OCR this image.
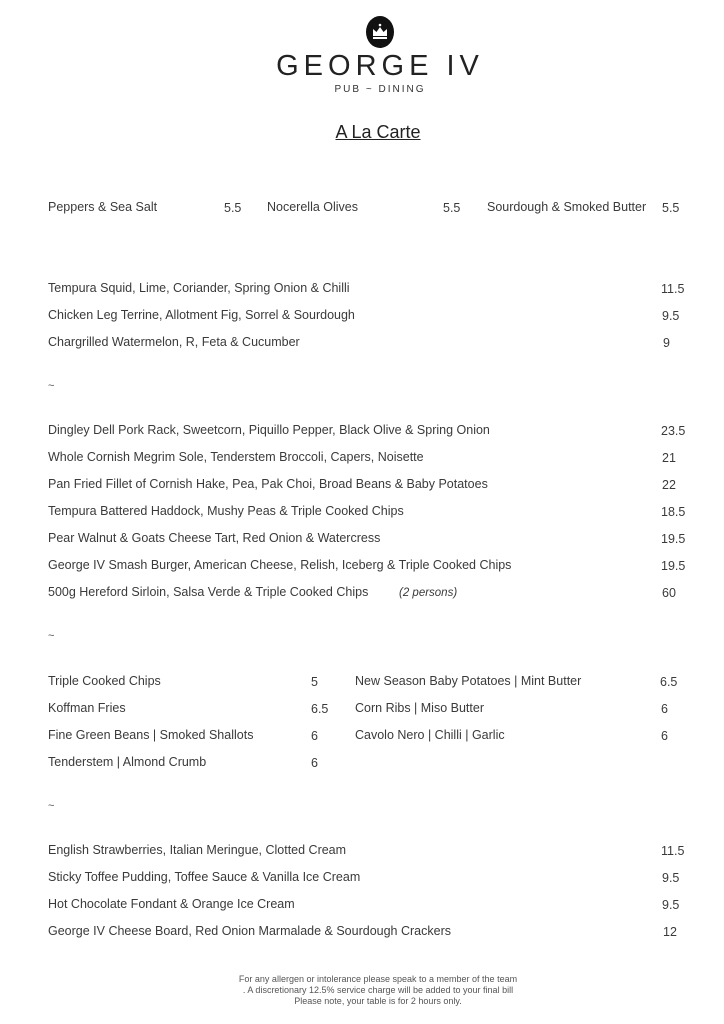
GEORGE IV
PUB ~ DINING
A La Carte
Peppers & Sea Salt	5.5 Nocerella Olives	5.5 Sourdough & Smoked Butter 5.5
Tempura Squid, Lime, Coriander, Spring Onion & Chilli	11.5
Chicken Leg Terrine, Allotment Fig, Sorrel & Sourdough	9.5
Chargrilled Watermelon, R, Feta & Cucumber	9
~
Dingley Dell Pork Rack, Sweetcorn, Piquillo Pepper, Black Olive & Spring Onion	23.5
Whole Cornish Megrim Sole, Tenderstem Broccoli, Capers, Noisette	21
Pan Fried Fillet of Cornish Hake, Pea, Pak Choi, Broad Beans & Baby Potatoes	22
Tempura Battered Haddock, Mushy Peas & Triple Cooked Chips	18.5
Pear Walnut & Goats Cheese Tart, Red Onion & Watercress	19.5
George IV Smash Burger, American Cheese, Relish, Iceberg & Triple Cooked Chips	19.5
500g Hereford Sirloin, Salsa Verde & Triple Cooked Chips	(2 persons)	60
~
Triple Cooked Chips	5
Koffman Fries	6.5
Fine Green Beans | Smoked Shallots	6
Tenderstem | Almond Crumb	6
New Season Baby Potatoes | Mint Butter	6.5
Corn Ribs | Miso Butter	6
Cavolo Nero | Chilli | Garlic	6
~
English Strawberries, Italian Meringue, Clotted Cream	11.5
Sticky Toffee Pudding, Toffee Sauce & Vanilla Ice Cream	9.5
Hot Chocolate Fondant & Orange Ice Cream	9.5
George IV Cheese Board, Red Onion Marmalade & Sourdough Crackers	12
For any allergen or intolerance please speak to a member of the team
. A discretionary 12.5% service charge will be added to your final bill
Please note, your table is for 2 hours only.
